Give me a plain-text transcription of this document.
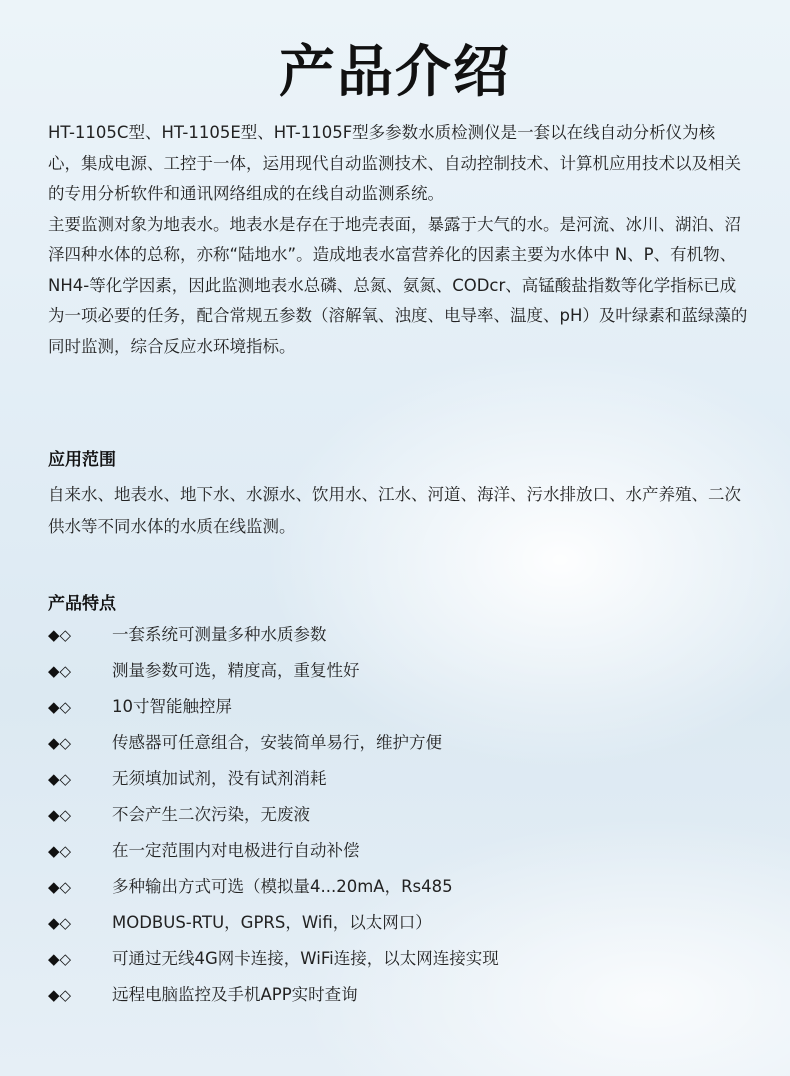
产品介绍

HT-1105C型、HT-1105E型、HT-1105F型多参数水质检测仪是一套以在线自动分析仪为核心，集成电源、工控于一体，运用现代自动监测技术、自动控制技术、计算机应用技术以及相关的专用分析软件和通讯网络组成的在线自动监测系统。

主要监测对象为地表水。地表水是存在于地壳表面，暴露于大气的水。是河流、冰川、湖泊、沼泽四种水体的总称，亦称“陆地水”。造成地表水富营养化的因素主要为水体中 N、P、有机物、NH4-等化学因素，因此监测地表水总磷、总氮、氨氮、CODcr、高锰酸盐指数等化学指标已成为一项必要的任务，配合常规五参数（溶解氧、浊度、电导率、温度、pH）及叶绿素和蓝绿藻的同时监测，综合反应水环境指标。

应用范围
自来水、地表水、地下水、水源水、饮用水、江水、河道、海洋、污水排放口、水产养殖、二次供水等不同水体的水质在线监测。
产品特点
◆◇	一套系统可测量多种水质参数
◆◇	测量参数可选，精度高，重复性好
◆◇	10寸智能触控屏
◆◇	传感器可任意组合，安装简单易行，维护方便
◆◇	无须填加试剂，没有试剂消耗
◆◇	不会产生二次污染，无废液
◆◇	在一定范围内对电极进行自动补偿
◆◇	多种输出方式可选（模拟量4...20mA，Rs485
◆◇	MODBUS-RTU，GPRS，Wifi，以太网口）
◆◇	可通过无线4G网卡连接，WiFi连接，以太网连接实现
◆◇	远程电脑监控及手机APP实时查询
